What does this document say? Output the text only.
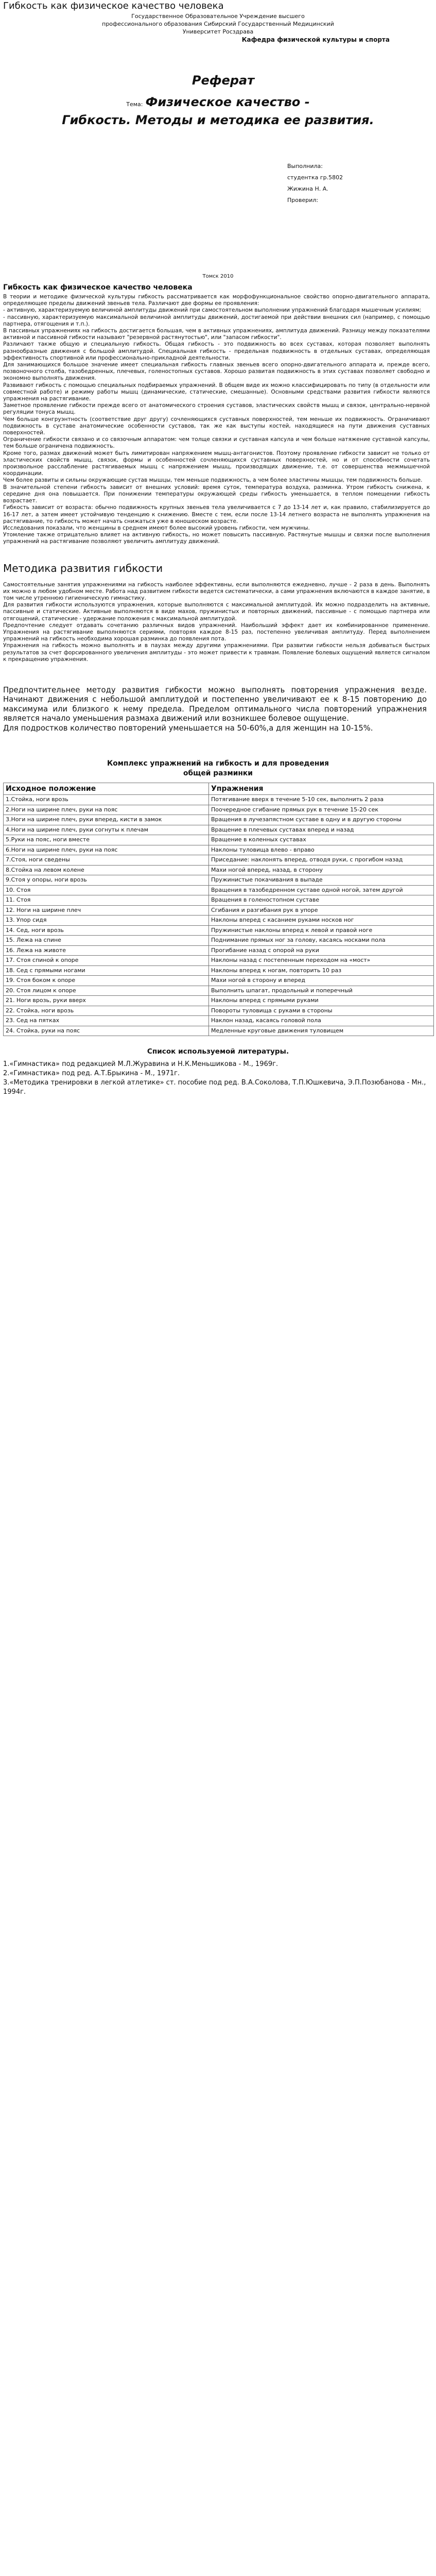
Гибкость как физическое качество человека
Государственное Образовательное Учреждение высшего
профессионального образования Сибирский Государственный Медицинский
Университет Росздрава
Кафедра физической культуры и спорта
Реферат
Тема: Физическое качество -
Гибкость. Методы и методика ее развития.
Выполнила:
студентка гр.5802
Жижина Н. А.
Проверил:
Томск 2010
Гибкость как физическое качество человека

В теории и методике физической культуры гибкость рассматривается как морфофункциональное свойство опорно-двигательного аппарата, определяющее пределы движений звеньев тела. Различают две формы ее проявления:

- активную, характеризуемую величиной амплитуды движений при самостоятельном выполнении упражнений благодаря мышечным усилиям;

- пассивную, характеризуемую максимальной величиной амплитуды движений, достигаемой при действии внешних сил (например, с помощью партнера, отягощения и т.п.).

В пассивных упражнениях на гибкость достигается большая, чем в активных упражнениях, амплитуда движений. Разницу между показателями активной и пассивной гибкости называют "резервной растянутостью", или "запасом гибкости".

Различают также общую и специальную гибкость. Общая гибкость - это подвижность во всех суставах, которая позволяет выполнять разнообразные движения с большой амплитудой. Специальная гибкость - предельная подвижность в отдельных суставах, определяющая эффективность спортивной или профессионально-прикладной деятельности.

Для занимающихся большое значение имеет специальная гибкость главных звеньев всего опорно-двигательного аппарата и, прежде всего, позвоночного столба, тазобедренных, плечевых, голеностопных суставов. Хорошо развитая подвижность в этих суставах позволяет свободно и экономно выполнять движения.

Развивают гибкость с помощью специальных подбираемых упражнений. В общем виде их можно классифицировать по типу (в отдельности или совместной работе) и режиму работы мышц (динамические, статические, смешанные). Основными средствами развития гибкости являются упражнения на растягивание.

Заметное проявление гибкости прежде всего от анатомического строения суставов, эластических свойств мышц и связок, центрально-нервной регуляции тонуса мышц.

Чем больше конгруэнтность (соответствие друг другу) сочленяющихся суставных поверхностей, тем меньше их подвижность. Ограничивают подвижность в суставе анатомические особенности суставов, так же как выступы костей, находящиеся на пути движения суставных поверхностей.

Ограничение гибкости связано и со связочным аппаратом: чем толще связки и суставная капсула и чем больше натяжение суставной капсулы, тем больше ограничена подвижность.

Кроме того, размах движений может быть лимитирован напряжением мышц-антагонистов. Поэтому проявление гибкости зависит не только от эластических свойств мышц, связок, формы и особенностей сочленяющихся суставных поверхностей, но и от способности сочетать произвольное расслабление растягиваемых мышц с напряжением мышц, производящих движение, т.е. от совершенства межмышечной координации.

Чем более развиты и сильны окружающие сустав мышцы, тем меньше подвижность, а чем более эластичны мышцы, тем подвижность больше.

В значительной степени гибкость зависит от внешних условий: время суток, температура воздуха, разминка. Утром гибкость снижена, к середине дня она повышается. При понижении температуры окружающей среды гибкость уменьшается, в теплом помещении гибкость возрастает.

Гибкость зависит от возраста: обычно подвижность крупных звеньев тела увеличивается с 7 до 13-14 лет и, как правило, стабилизируется до 16-17 лет, а затем имеет устойчивую тенденцию к снижению. Вместе с тем, если после 13-14 летнего возраста не выполнять упражнения на растягивание, то гибкость может начать снижаться уже в юношеском возрасте.

Исследования показали, что женщины в среднем имеют более высокий уровень гибкости, чем мужчины.

Утомление также отрицательно влияет на активную гибкость, но может повысить пассивную. Растянутые мышцы и связки после выполнения упражнений на растягивание позволяют увеличить амплитуду движений.

Методика развития гибкости

Самостоятельные занятия упражнениями на гибкость наиболее эффективны, если выполняются ежедневно, лучше - 2 раза в день. Выполнять их можно в любом удобном месте. Работа над развитием гибкости ведется систематически, а сами упражнения включаются в каждое занятие, в том числе утреннюю гигиеническую гимнастику.

Для развития гибкости используются упражнения, которые выполняются с максимальной амплитудой. Их можно подразделить на активные, пассивные и статические. Активные выполняются в виде махов, пружинистых и повторных движений, пассивные - с помощью партнера или отягощений, статические - удержание положения с максимальной амплитудой.

Предпочтение следует отдавать сочетанию различных видов упражнений. Наибольший эффект дает их комбинированное применение. Упражнения на растягивание выполняются сериями, повторяя каждое 8-15 раз, постепенно увеличивая амплитуду. Перед выполнением упражнений на гибкость необходима хорошая разминка до появления пота.

Упражнения на гибкость можно выполнять и в паузах между другими упражнениями. При развитии гибкости нельзя добиваться быстрых результатов за счет форсированного увеличения амплитуды - это может привести к травмам. Появление болевых ощущений является сигналом к прекращению упражнения.

Предпочтительнее методу развития гибкости можно выполнять повторения упражнения везде. Начинают движения с небольшой амплитудой и постепенно увеличивают ее к 8-15 повторению до максимума или близкого к нему предела. Пределом оптимального числа повторений упражнения является начало уменьшения размаха движений или возникшее болевое ощущение.

Для подростков количество повторений уменьшается на 50-60%,а для женщин на 10-15%.

Комплекс упражнений на гибкость и для проведения
общей разминки
Исходное положение	Упражнения
1.Стойка, ноги врозь	Потягивание вверх в течение 5-10 сек, выполнить 2 раза
2.Ноги на ширине плеч, руки на пояс	Поочередное сгибание прямых рук в течение 15-20 сек
3.Ноги на ширине плеч, руки вперед, кисти в замок	Вращения в лучезапястном суставе в одну и в другую стороны
4.Ноги на ширине плеч, руки согнуты к плечам	Вращение в плечевых суставах вперед и назад
5.Руки на пояс, ноги вместе	Вращение в коленных суставах
6.Ноги на ширине плеч, руки на пояс	Наклоны туловища влево - вправо
7.Стоя, ноги сведены	Приседание: наклонять вперед, отводя руки, с прогибом назад
8.Стойка на левом колене	Махи ногой вперед, назад, в сторону
9.Стоя у опоры, ноги врозь	Пружинистые покачивания в выпаде
10. Стоя	Вращения в тазобедренном суставе одной ногой, затем другой
11. Стоя	Вращения в голеностопном суставе
12. Ноги на ширине плеч	Сгибания и разгибания рук в упоре
13. Упор сидя	Наклоны вперед с касанием руками носков ног
14. Сед, ноги врозь	Пружинистые наклоны вперед к левой и правой ноге
15. Лежа на спине	Поднимание прямых ног за голову, касаясь носками пола
16. Лежа на животе	Прогибание назад с опорой на руки
17. Стоя спиной к опоре	Наклоны назад с постепенным переходом на «мост»
18. Сед с прямыми ногами	Наклоны вперед к ногам, повторить 10 раз
19. Стоя боком к опоре	Махи ногой в сторону и вперед
20. Стоя лицом к опоре	Выполнить шпагат, продольный и поперечный
21. Ноги врозь, руки вверх	Наклоны вперед с прямыми руками
22. Стойка, ноги врозь	Повороты туловища с руками в стороны
23. Сед на пятках	Наклон назад, касаясь головой пола
24. Стойка, руки на пояс	Медленные круговые движения туловищем
Список используемой литературы.
1.«Гимнастика» под редакцией М.Л.Журавина и Н.К.Меньшикова - М., 1969г.
2.«Гимнастика» под ред. А.Т.Брыкина - М., 1971г.
3.«Методика тренировки в легкой атлетике» ст. пособие под ред. В.А.Соколова, Т.П.Юшкевича, Э.П.Позюбанова - Мн., 1994г.
